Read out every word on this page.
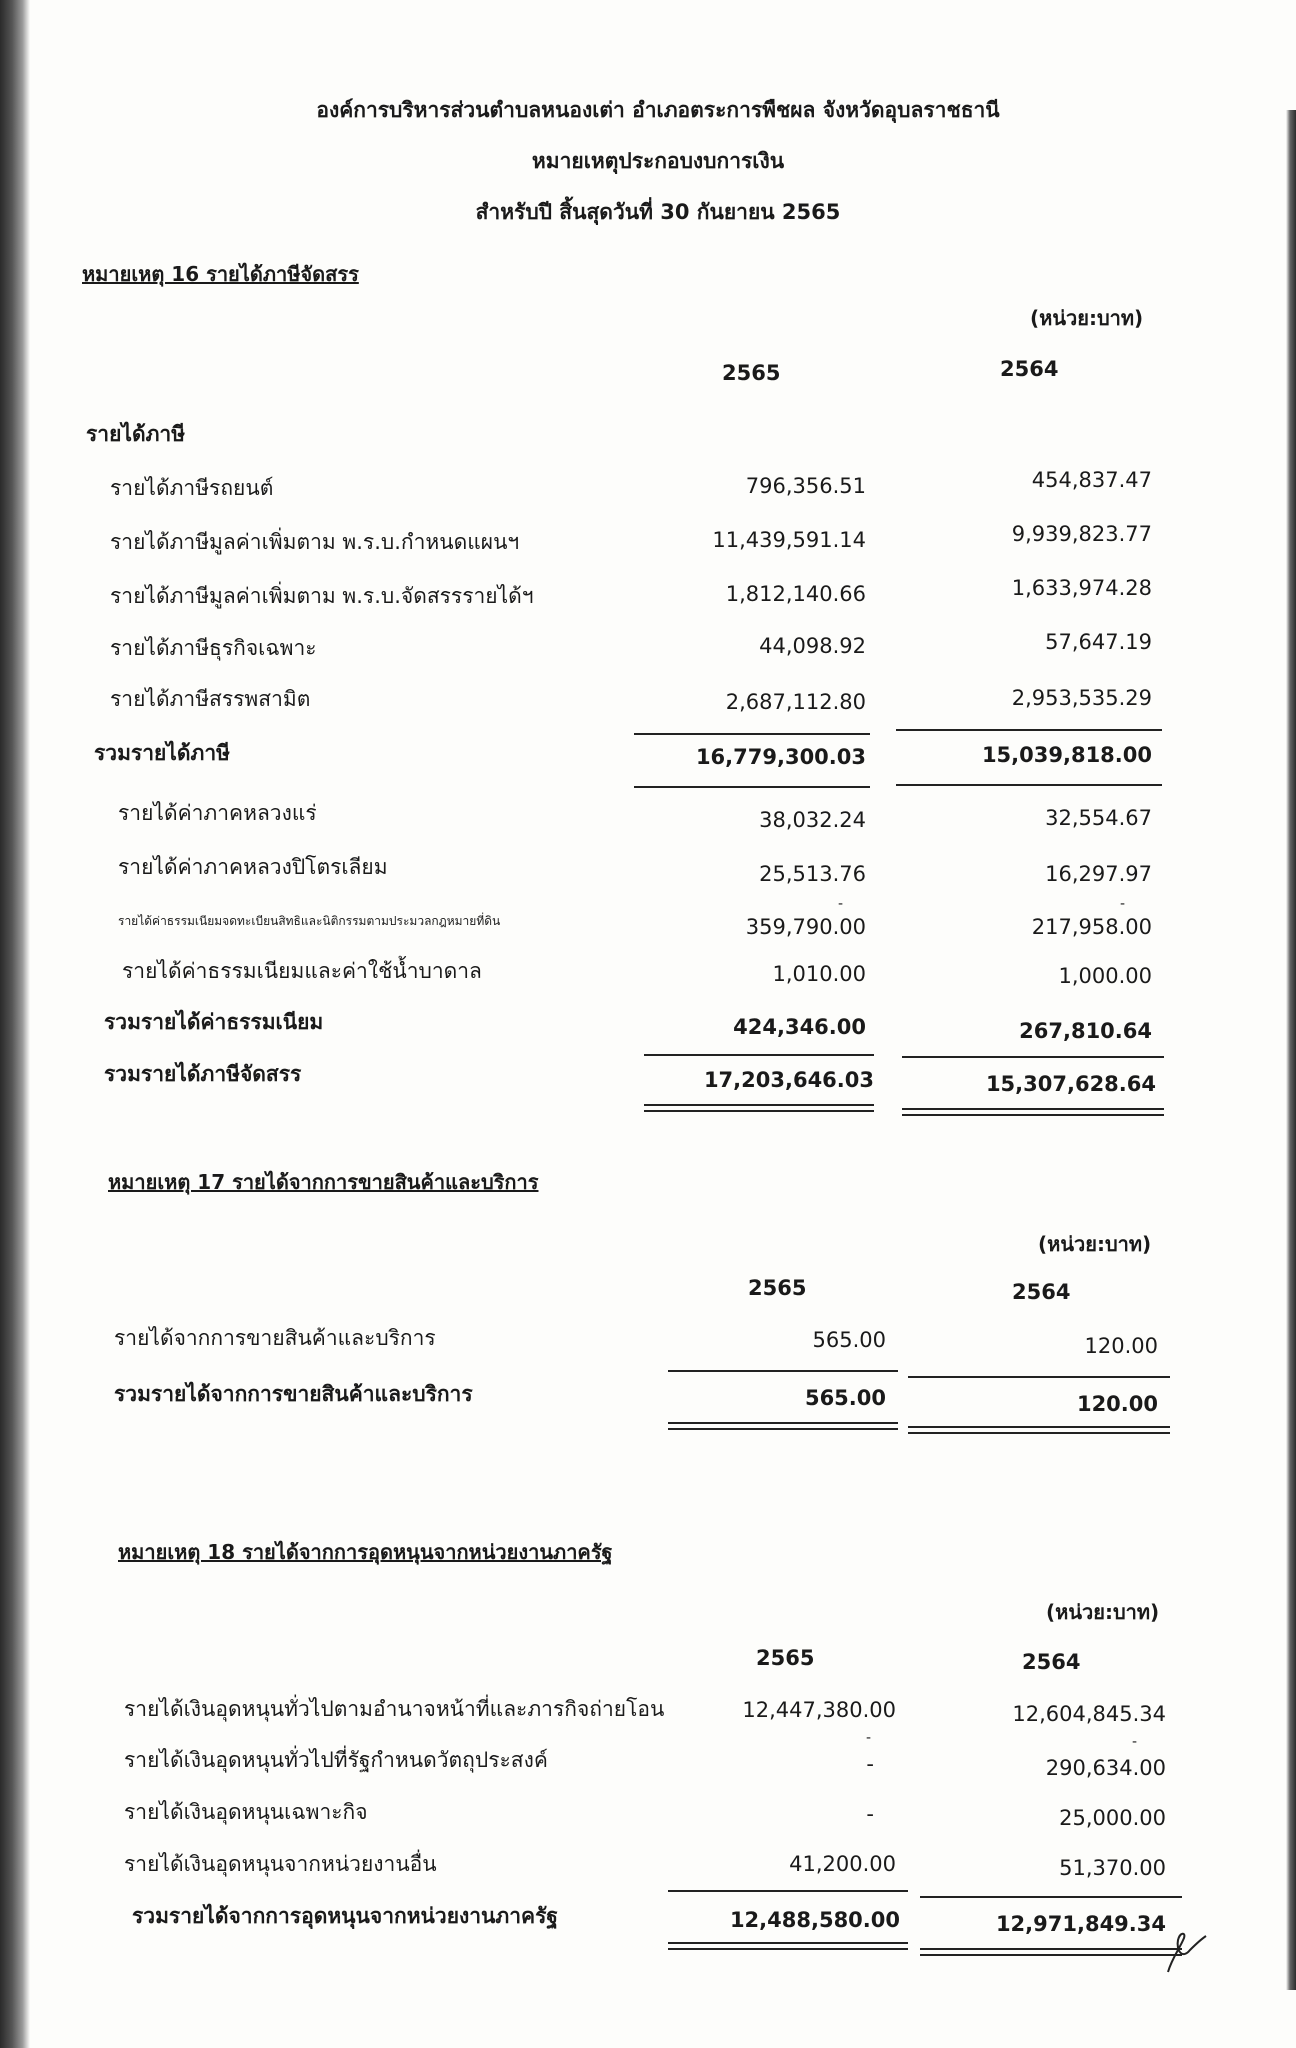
องค์การบริหารส่วนตำบลหนองเต่า อำเภอตระการพืชผล จังหวัดอุบลราชธานี
หมายเหตุประกอบงบการเงิน
สำหรับปี สิ้นสุดวันที่ 30 กันยายน 2565
หมายเหตุ 16 รายได้ภาษีจัดสรร
(หน่วย:บาท)
2565	2564
รายได้ภาษี
รายได้ภาษีรถยนต์	796,356.51	454,837.47
รายได้ภาษีมูลค่าเพิ่มตาม พ.ร.บ.กำหนดแผนฯ	11,439,591.14	9,939,823.77
รายได้ภาษีมูลค่าเพิ่มตาม พ.ร.บ.จัดสรรรายได้ฯ	1,812,140.66	1,633,974.28
รายได้ภาษีธุรกิจเฉพาะ	44,098.92	57,647.19
รายได้ภาษีสรรพสามิต	2,687,112.80	2,953,535.29
รวมรายได้ภาษี	16,779,300.03	15,039,818.00
รายได้ค่าภาคหลวงแร่	38,032.24	32,554.67
รายได้ค่าภาคหลวงปิโตรเลียม	25,513.76	16,297.97
-	-
รายได้ค่าธรรมเนียมจดทะเบียนสิทธิและนิติกรรมตามประมวลกฎหมายที่ดิน	359,790.00	217,958.00
รายได้ค่าธรรมเนียมและค่าใช้น้ำบาดาล	1,010.00	1,000.00
รวมรายได้ค่าธรรมเนียม	424,346.00	267,810.64
รวมรายได้ภาษีจัดสรร	17,203,646.03	15,307,628.64
หมายเหตุ 17 รายได้จากการขายสินค้าและบริการ
(หน่วย:บาท)
2565	2564
รายได้จากการขายสินค้าและบริการ	565.00	120.00
รวมรายได้จากการขายสินค้าและบริการ	565.00	120.00
หมายเหตุ 18 รายได้จากการอุดหนุนจากหน่วยงานภาครัฐ
(หน่วย:บาท)
2565	2564
รายได้เงินอุดหนุนทั่วไปตามอำนาจหน้าที่และภารกิจถ่ายโอน	12,447,380.00	12,604,845.34
-	-
รายได้เงินอุดหนุนทั่วไปที่รัฐกำหนดวัตถุประสงค์	-	290,634.00
รายได้เงินอุดหนุนเฉพาะกิจ	-	25,000.00
รายได้เงินอุดหนุนจากหน่วยงานอื่น	41,200.00	51,370.00
รวมรายได้จากการอุดหนุนจากหน่วยงานภาครัฐ	12,488,580.00	12,971,849.34
